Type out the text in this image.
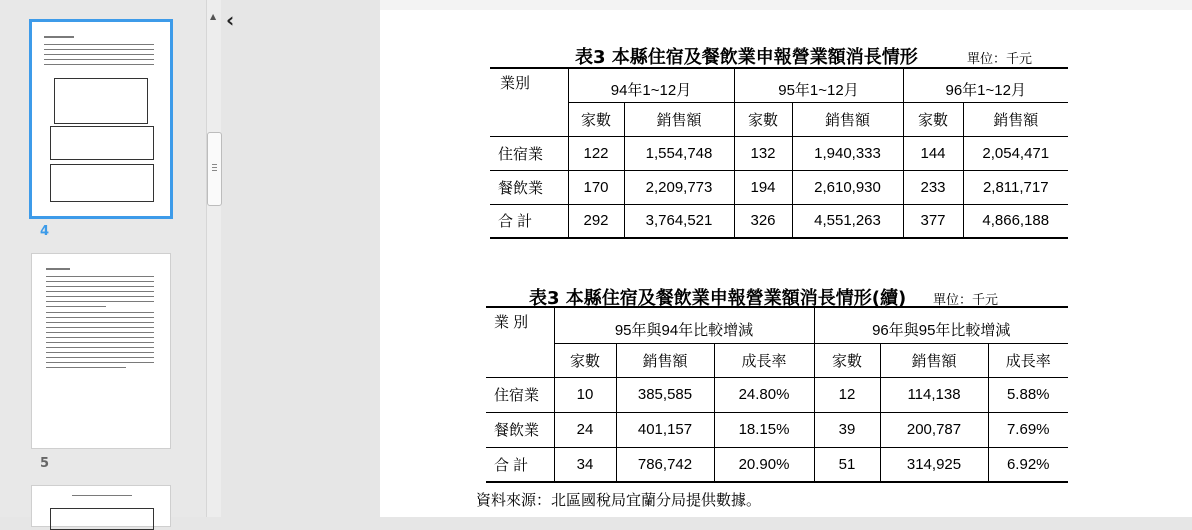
4
5
▲ ‹
表3 本縣住宿及餐飲業申報營業額消長情形	單位：千元
業別	94年1~12月		95年1~12月		96年1~12月	
	家數	銷售額	家數	銷售額	家數	銷售額
住宿業	122	1,554,748	132	1,940,333	144	2,054,471
餐飲業	170	2,209,773	194	2,610,930	233	2,811,717
合 計	292	3,764,521	326	4,551,263	377	4,866,188
表3 本縣住宿及餐飲業申報營業額消長情形(續) 單位：千元
業 別	95年與94年比較增減			96年與95年比較增減		
	家數	銷售額	成長率	家數	銷售額	成長率
住宿業	10	385,585	24.80%	12	114,138	5.88%
餐飲業	24	401,157	18.15%	39	200,787	7.69%
合 計	34	786,742	20.90%	51	314,925	6.92%
資料來源：北區國稅局宜蘭分局提供數據。
